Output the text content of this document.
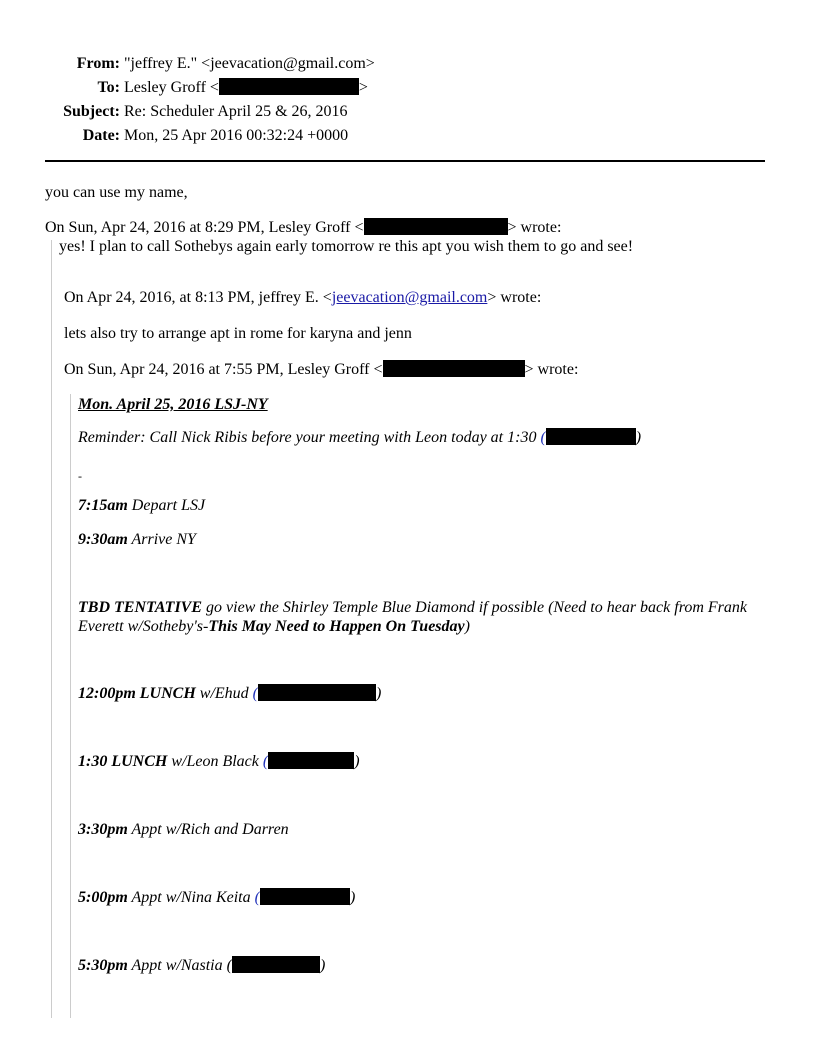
From: "jeffrey E." <jeevacation@gmail.com>
To: Lesley Groff <	>
Subject: Re: Scheduler April 25 & 26, 2016
Date: Mon, 25 Apr 2016 00:32:24 +0000
you can use my name,
On Sun, Apr 24, 2016 at 8:29 PM, Lesley Groff <	> wrote:
yes! I plan to call Sothebys again early tomorrow re this apt you wish them to go and see!
On Apr 24, 2016, at 8:13 PM, jeffrey E. <jeevacation@gmail.com> wrote:
lets also try to arrange apt in rome for karyna and jenn
On Sun, Apr 24, 2016 at 7:55 PM, Lesley Groff <	> wrote:
Mon. April 25, 2016 LSJ-NY
Reminder: Call Nick Ribis before your meeting with Leon today at 1:30 (	)
-
7:15am Depart LSJ
9:30am Arrive NY
TBD TENTATIVE go view the Shirley Temple Blue Diamond if possible (Need to hear back from Frank Everett w/Sotheby's-This May Need to Happen On Tuesday)
12:00pm LUNCH w/Ehud (	)
1:30 LUNCH w/Leon Black (	)
3:30pm Appt w/Rich and Darren
5:00pm Appt w/Nina Keita (	)
5:30pm Appt w/Nastia (	)
